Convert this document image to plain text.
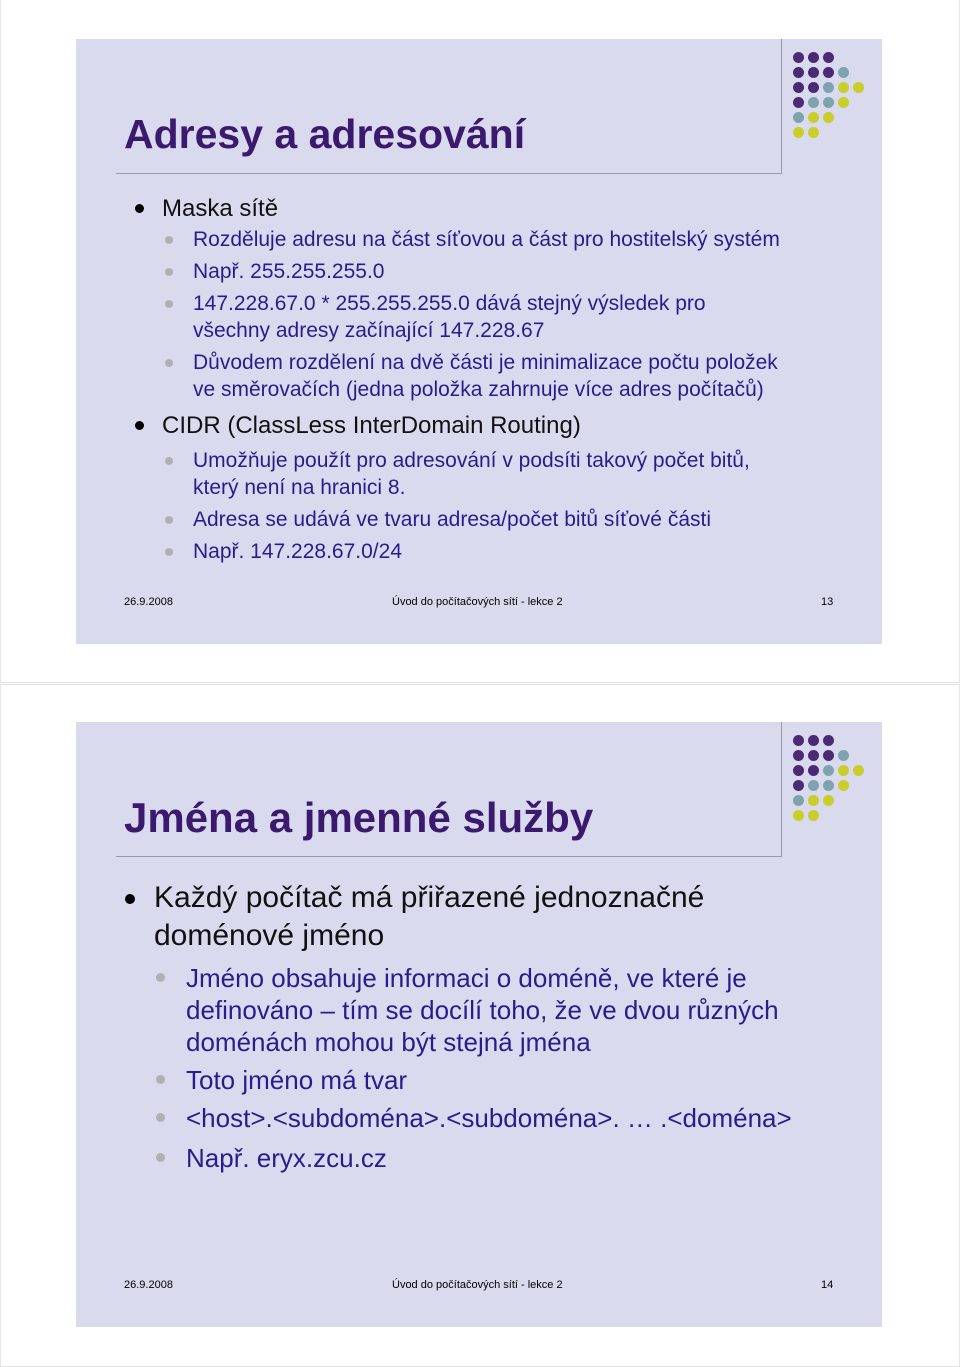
Adresy a adresování
Maska sítě
Rozděluje adresu na část síťovou a část pro hostitelský systém
Např. 255.255.255.0
147.228.67.0 * 255.255.255.0 dává stejný výsledek pro
všechny adresy začínající 147.228.67
Důvodem rozdělení na dvě části je minimalizace počtu položek
ve směrovačích (jedna položka zahrnuje více adres počítačů)
CIDR (ClassLess InterDomain Routing)
Umožňuje použít pro adresování v podsíti takový počet bitů,
který není na hranici 8.
Adresa se udává ve tvaru adresa/počet bitů síťové části
Např. 147.228.67.0/24
26.9.2008	Úvod do počítačových sítí - lekce 2	13
Jména a jmenné služby
Každý počítač má přiřazené jednoznačné
doménové jméno
Jméno obsahuje informaci o doméně, ve které je
definováno – tím se docílí toho, že ve dvou různých
doménách mohou být stejná jména
Toto jméno má tvar
<host>.<subdoména>.<subdoména>. … .<doména>
Např. eryx.zcu.cz
26.9.2008	Úvod do počítačových sítí - lekce 2	14
